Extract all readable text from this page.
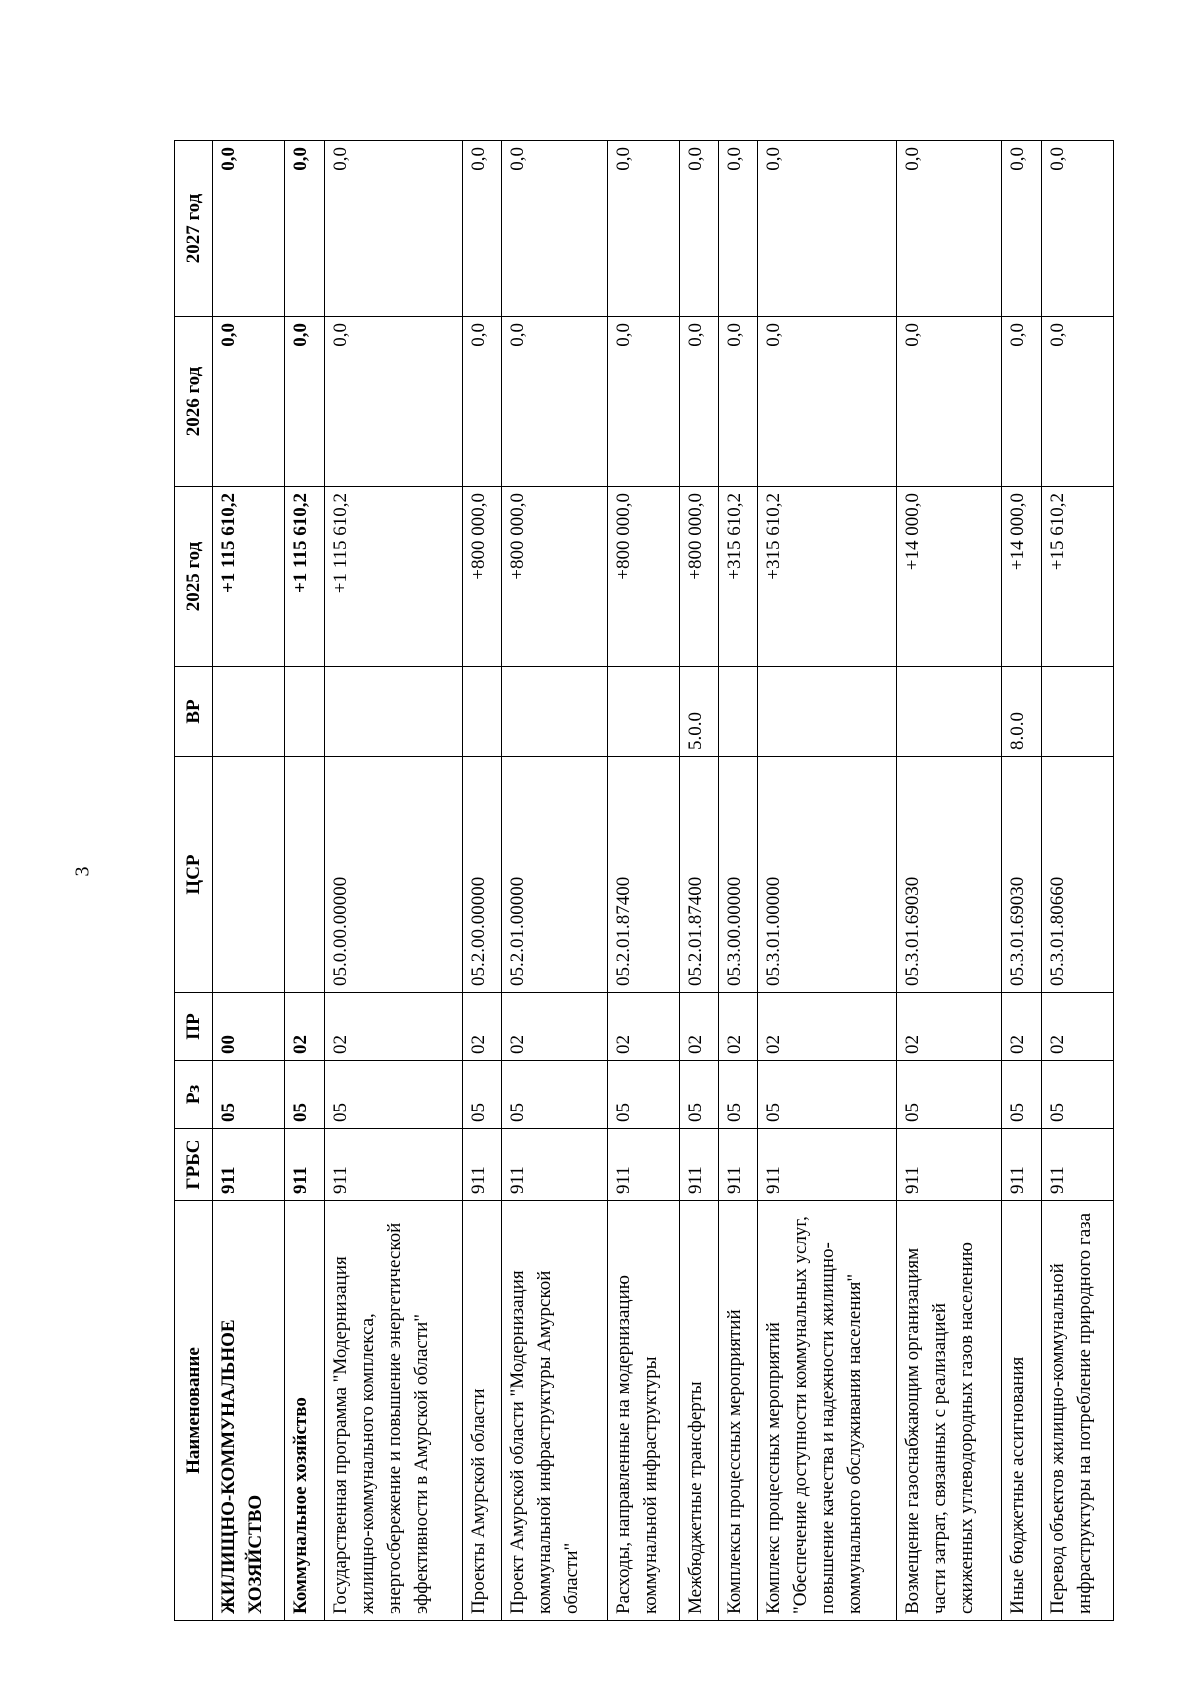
3
Наименование	ГРБС	Рз	ПР	ЦСР	ВР	2025 год	2026 год	2027 год
ЖИЛИЩНО-КОММУНАЛЬНОЕ ХОЗЯЙСТВО	911	05	00			+1 115 610,2	0,0	0,0
Коммунальное хозяйство	911	05	02			+1 115 610,2	0,0	0,0
Государственная программа "Модернизация жилищно-коммунального комплекса, энергосбережение и повышение энергетической эффективности в Амурской области"	911	05	02	05.0.00.00000		+1 115 610,2	0,0	0,0
Проекты Амурской области	911	05	02	05.2.00.00000		+800 000,0	0,0	0,0
Проект Амурской области "Модернизация коммунальной инфраструктуры Амурской области"	911	05	02	05.2.01.00000		+800 000,0	0,0	0,0
Расходы, направленные на модернизацию коммунальной инфраструктуры	911	05	02	05.2.01.87400		+800 000,0	0,0	0,0
Межбюджетные трансферты	911	05	02	05.2.01.87400	5.0.0	+800 000,0	0,0	0,0
Комплексы процессных мероприятий	911	05	02	05.3.00.00000		+315 610,2	0,0	0,0
Комплекс процессных мероприятий "Обеспечение доступности коммунальных услуг, повышение качества и надежности жилищно-коммунального обслуживания населения"	911	05	02	05.3.01.00000		+315 610,2	0,0	0,0
Возмещение газоснабжающим организациям части затрат, связанных с реализацией сжиженных углеводородных газов населению	911	05	02	05.3.01.69030		+14 000,0	0,0	0,0
Иные бюджетные ассигнования	911	05	02	05.3.01.69030	8.0.0	+14 000,0	0,0	0,0
Перевод объектов жилищно-коммунальной инфраструктуры на потребление природного газа	911	05	02	05.3.01.80660		+15 610,2	0,0	0,0
